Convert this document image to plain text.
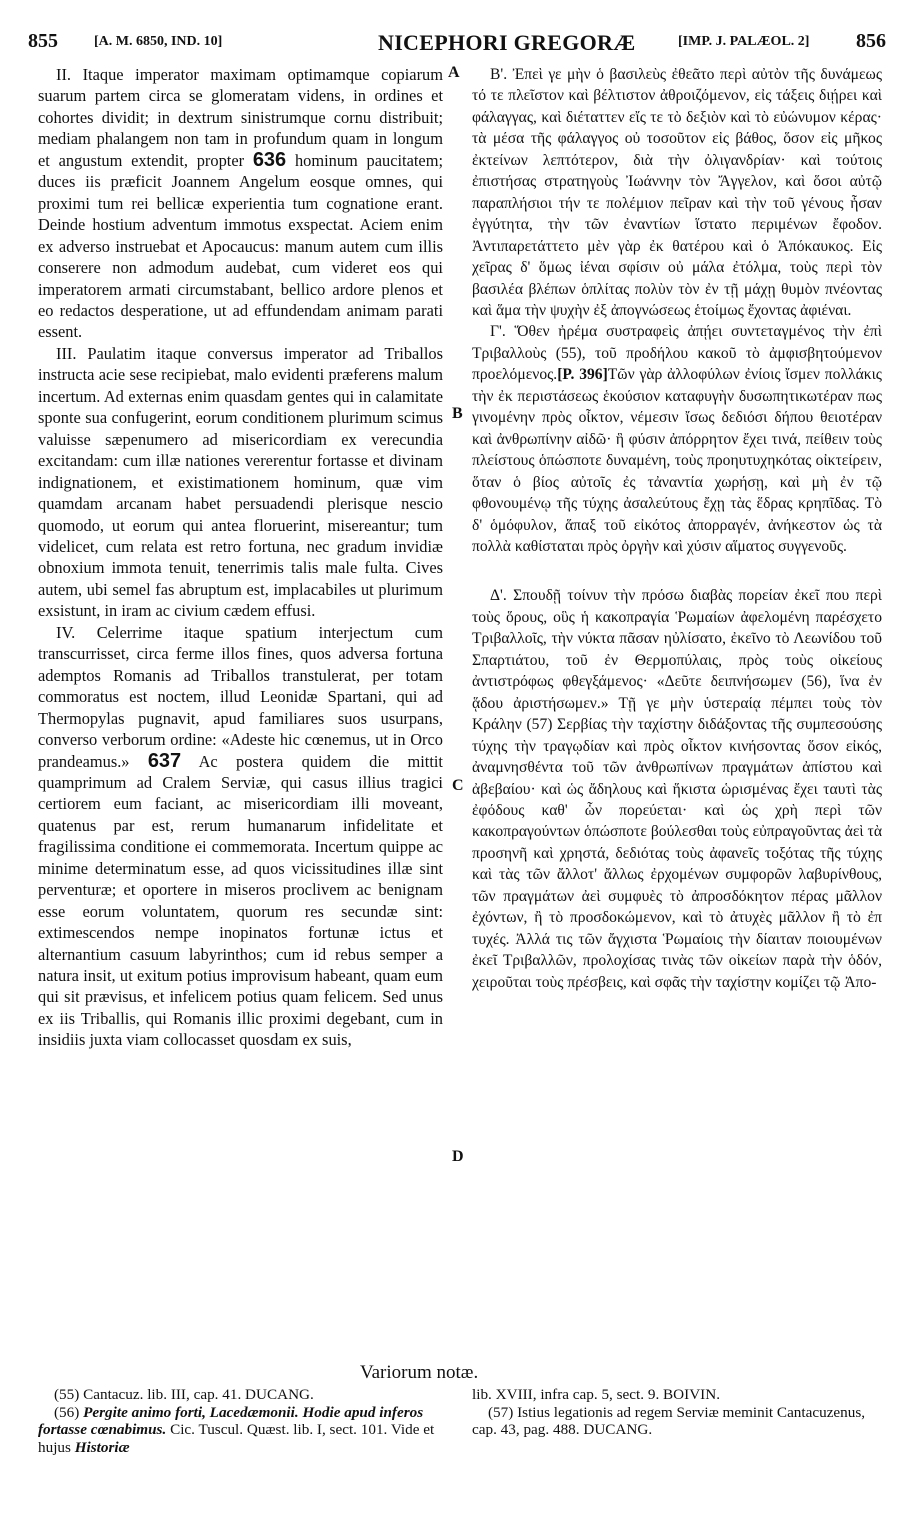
855	[A. M. 6850, IND. 10]	NICEPHORI GREGORÆ	[IMP. J. PALÆOL. 2] 856

II. Itaque imperator maximam optimamque copiarum suarum partem circa se glomeratam videns, in ordines et cohortes dividit; in dextrum sinistrumque cornu distribuit; mediam phalangem non tam in profundum quam in longum et angustum extendit, propter 636 hominum paucitatem; duces iis præficit Joannem Angelum eosque omnes, qui proximi tum rei bellicæ experientia tum cognatione erant. Deinde hostium adventum immotus exspectat. Aciem enim ex adverso instruebat et Apocaucus: manum autem cum illis conserere non admodum audebat, cum videret eos qui imperatorem armati circumstabant, bellico ardore plenos et eo redactos desperatione, ut ad effundendam animam parati essent.

III. Paulatim itaque conversus imperator ad Triballos instructa acie sese recipiebat, malo evidenti præferens malum incertum. Ad externas enim quasdam gentes qui in calamitate sponte sua confugerint, eorum conditionem plurimum scimus valuisse sæpenumero ad misericordiam ex verecundia excitandam: cum illæ nationes vererentur fortasse et divinam indignationem, et existimationem hominum, quæ vim quamdam arcanam habet persuadendi plerisque nescio quomodo, ut eorum qui antea floruerint, misereantur; tum videlicet, cum relata est retro fortuna, nec gradum invidiæ obnoxium immota tenuit, tenerrimis talis male fulta. Cives autem, ubi semel fas abruptum est, implacabiles ut plurimum exsistunt, in iram ac civium cædem effusi.

IV. Celerrime itaque spatium interjectum cum transcurrisset, circa ferme illos fines, quos adversa fortuna ademptos Romanis ad Triballos transtulerat, per totam commoratus est noctem, illud Leonidæ Spartani, qui ad Thermopylas pugnavit, apud familiares suos usurpans, converso verborum ordine: «Adeste hic cœnemus, ut in Orco prandeamus.» 637 Ac postera quidem die mittit quamprimum ad Cralem Serviæ, qui casus illius tragici certiorem eum faciant, ac misericordiam illi moveant, quatenus par est, rerum humanarum infidelitate et fragilissima conditione ei commemorata. Incertum quippe ac minime determinatum esse, ad quos vicissitudines illæ sint perventuræ; et oportere in miseros proclivem ac benignam esse eorum voluntatem, quorum res secundæ sint: extimescendos nempe inopinatos fortunæ ictus et alternantium casuum labyrinthos; cum id rebus semper a natura insit, ut exitum potius improvisum habeant, quam eum qui sit prævisus, et infelicem potius quam felicem. Sed unus ex iis Triballis, qui Romanis illic proximi degebant, cum in insidiis juxta viam collocasset quosdam ex suis,

A
B
C
D

Β'. Ἐπεὶ γε μὴν ὁ βασιλεὺς ἐθεᾶτο περὶ αὐτὸν τῆς δυνάμεως τό τε πλεῖστον καὶ βέλτιστον ἀθροιζόμενον, εἰς τάξεις διῄρει καὶ φάλαγγας, καὶ διέταττεν εἴς τε τὸ δεξιὸν καὶ τὸ εὐώνυμον κέρας· τὰ μέσα τῆς φάλαγγος οὐ τοσοῦτον εἰς βάθος, ὅσον εἰς μῆκος ἐκτείνων λεπτότερον, διὰ τὴν ὀλιγανδρίαν· καὶ τούτοις ἐπιστήσας στρατηγοὺς Ἰωάννην τὸν Ἄγγελον, καὶ ὅσοι αὐτῷ παραπλήσιοι τήν τε πολέμιον πεῖραν καὶ τὴν τοῦ γένους ἦσαν ἐγγύτητα, τὴν τῶν ἐναντίων ἵστατο περιμένων ἔφοδον. Ἀντιπαρετάττετο μὲν γὰρ ἐκ θατέρου καὶ ὁ Ἀπόκαυκος. Εἰς χεῖρας δ' ὅμως ἰέναι σφίσιν οὐ μάλα ἐτόλμα, τοὺς περὶ τὸν βασιλέα βλέπων ὁπλίτας πολὺν τὸν ἐν τῇ μάχῃ θυμὸν πνέοντας καὶ ἅμα τὴν ψυχὴν ἐξ ἀπογνώσεως ἑτοίμως ἔχοντας ἀφιέναι.

Γ'. Ὅθεν ἠρέμα συστραφεὶς ἀπῄει συντεταγμένος τὴν ἐπὶ Τριβαλλοὺς (55), τοῦ προδήλου κακοῦ τὸ ἀμφισβητούμενον προελόμενος.[P. 396]Τῶν γὰρ ἀλλοφύλων ἐνίοις ἴσμεν πολλάκις τὴν ἐκ περιστάσεως ἑκούσιον καταφυγὴν δυσωπητικωτέραν πως γινομένην πρὸς οἶκτον, νέμεσιν ἴσως δεδιόσι δήπου θειοτέραν καὶ ἀνθρωπίνην αἰδῶ· ἣ φύσιν ἀπόρρητον ἔχει τινά, πείθειν τοὺς πλείστους ὁπώσποτε δυναμένη, τοὺς προηυτυχηκότας οἰκτείρειν, ὅταν ὁ βίος αὐτοῖς ἐς τἀναντία χωρήσῃ, καὶ μὴ ἐν τῷ φθονουμένῳ τῆς τύχης ἀσαλεύτους ἔχῃ τὰς ἕδρας κρηπῖδας. Τὸ δ' ὁμόφυλον, ἅπαξ τοῦ εἰκότος ἀπορραγέν, ἀνήκεστον ὡς τὰ πολλὰ καθίσταται πρὸς ὀργὴν καὶ χύσιν αἵματος συγγενοῦς.

Δ'. Σπουδῇ τοίνυν τὴν πρόσω διαβὰς πορείαν ἐκεῖ που περὶ τοὺς ὅρους, οὓς ἡ κακοπραγία Ῥωμαίων ἀφελομένη παρέσχετο Τριβαλλοῖς, τὴν νύκτα πᾶσαν ηὐλίσατο, ἐκεῖνο τὸ Λεωνίδου τοῦ Σπαρτιάτου, τοῦ ἐν Θερμοπύλαις, πρὸς τοὺς οἰκείους ἀντιστρόφως φθεγξάμενος· «Δεῦτε δειπνήσωμεν (56), ἵνα ἐν ᾅδου ἀριστήσωμεν.» Τῇ γε μὴν ὑστεραίᾳ πέμπει τοὺς τὸν Κράλην (57) Σερβίας τὴν ταχίστην διδάξοντας τῆς συμπεσούσης τύχης τὴν τραγῳδίαν καὶ πρὸς οἶκτον κινήσοντας ὅσον εἰκός, ἀναμνησθέντα τοῦ τῶν ἀνθρωπίνων πραγμάτων ἀπίστου καὶ ἀβεβαίου· καὶ ὡς ἄδηλους καὶ ἥκιστα ὡρισμένας ἔχει ταυτὶ τὰς ἐφόδους καθ' ὧν πορεύεται· καὶ ὡς χρὴ περὶ τῶν κακοπραγούντων ὁπώσποτε βούλεσθαι τοὺς εὐπραγοῦντας ἀεὶ τὰ προσηνῆ καὶ χρηστά, δεδιότας τοὺς ἀφανεῖς τοξότας τῆς τύχης καὶ τὰς τῶν ἄλλοτ' ἄλλως ἐρχομένων συμφορῶν λαβυρίνθους, τῶν πραγμάτων ἀεὶ συμφυὲς τὸ ἀπροσδόκητον πέρας μᾶλλον ἐχόντων, ἢ τὸ προσδοκώμενον, καὶ τὸ ἀτυχὲς μᾶλλον ἢ τὸ ἐπ τυχές. Ἀλλά τις τῶν ἄγχιστα Ῥωμαίοις τὴν δίαιταν ποιουμένων ἐκεῖ Τριβαλλῶν, προλοχίσας τινὰς τῶν οἰκείων παρὰ τὴν ὁδόν, χειροῦται τοὺς πρέσβεις, καὶ σφᾶς τὴν ταχίστην κομίζει τῷ Ἀπο-

Variorum notæ.

(55) Cantacuz. lib. III, cap. 41. DUCANG.

(56) Pergite animo forti, Lacedæmonii. Hodie apud inferos fortasse cœnabimus. Cic. Tuscul. Quæst. lib. I, sect. 101. Vide et hujus Historiæ

lib. XVIII, infra cap. 5, sect. 9. BOIVIN.

(57) Istius legationis ad regem Serviæ meminit Cantacuzenus, cap. 43, pag. 488. DUCANG.
